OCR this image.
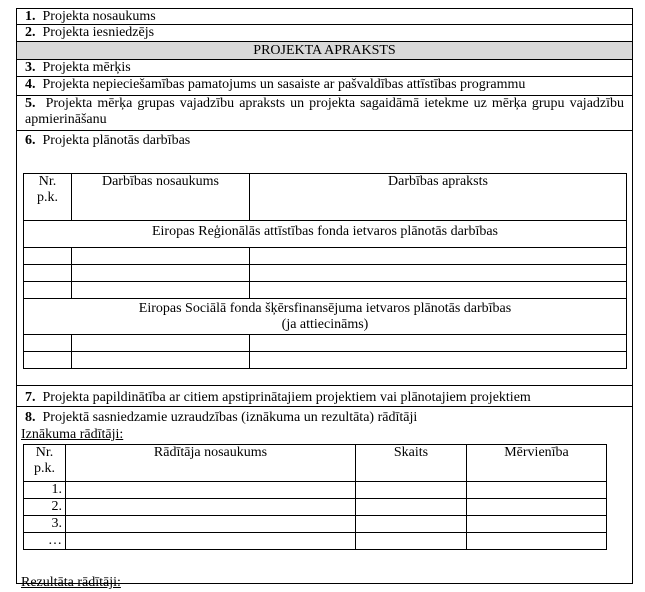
1. Projekta nosaukums
2. Projekta iesniedzējs
PROJEKTA APRAKSTS
3. Projekta mērķis
4. Projekta nepieciešamības pamatojums un sasaiste ar pašvaldības attīstības programmu
5. Projekta mērķa grupas vajadzību apraksts un projekta sagaidāmā ietekme uz mērķa grupu vajadzību apmierināšanu
6. Projekta plānotās darbības
Nr. p.k.	Darbības nosaukums	Darbības apraksts
Eiropas Reģionālās attīstības fonda ietvaros plānotās darbības		

Eiropas Sociālā fonda šķērsfinansējuma ietvaros plānotās darbības
(ja attiecināms)		

7. Projekta papildinātība ar citiem apstiprinātajiem projektiem vai plānotajiem projektiem
8. Projektā sasniedzamie uzraudzības (iznākuma un rezultāta) rādītāji
Iznākuma rādītāji:
Nr. p.k.	Rādītāja nosaukums	Skaits	Mērvienība
1.			
2.			
3.			
…			
Rezultāta rādītāji:
